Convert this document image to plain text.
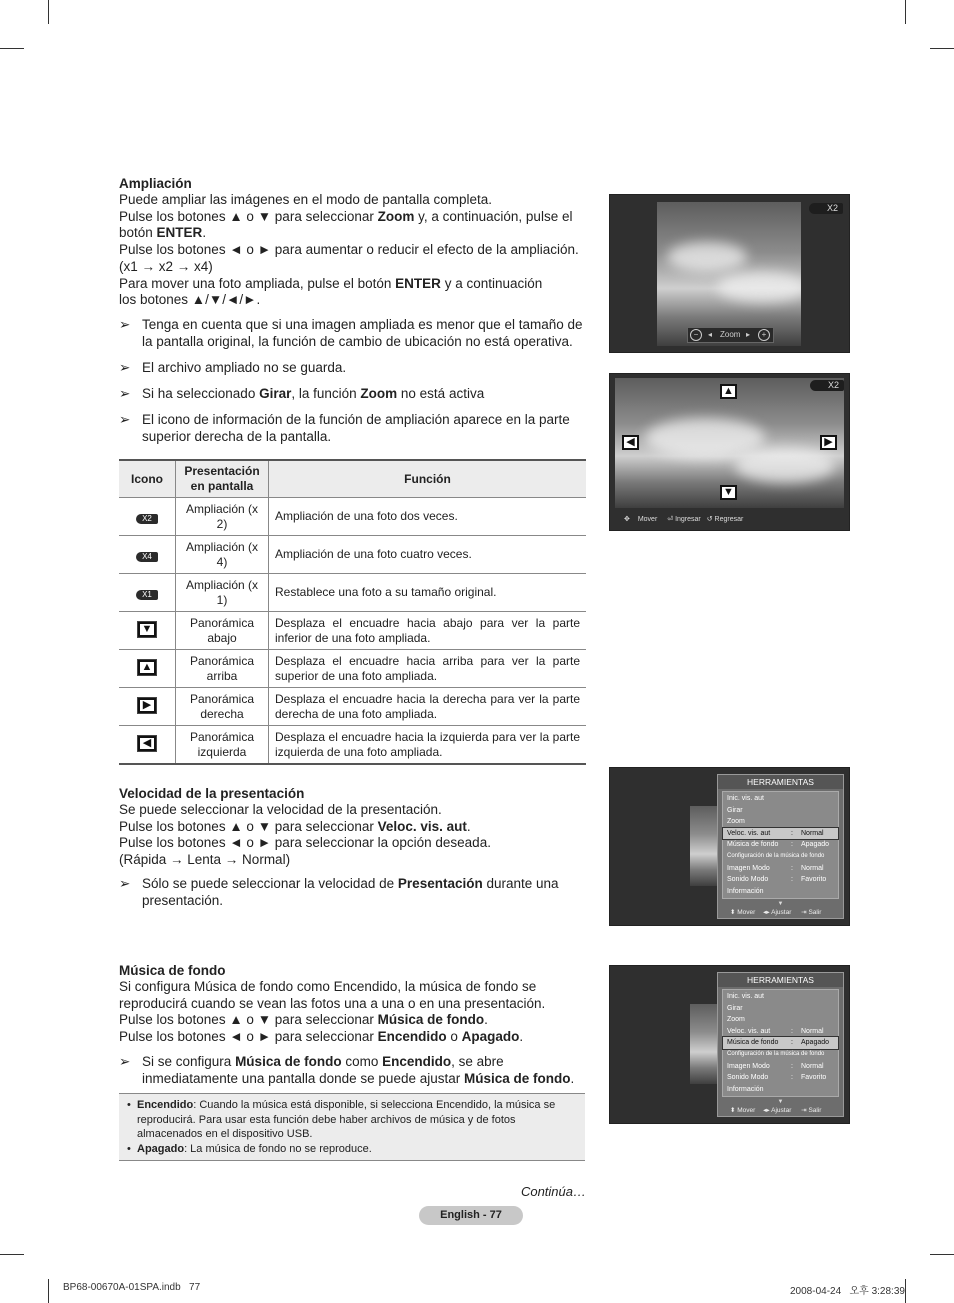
Ampliación

Puede ampliar las imágenes en el modo de pantalla completa.

Pulse los botones ▲ o ▼ para seleccionar Zoom y, a continuación, pulse el

botón ENTER.

Pulse los botones ◄ o ► para aumentar o reducir el efecto de la ampliación.

(x1 → x2 → x4)

Para mover una foto ampliada, pulse el botón ENTER y a continuación

los botones ▲/▼/◄/►.

➢ Tenga en cuenta que si una imagen ampliada es menor que el tamaño de la pantalla original, la función de cambio de ubicación no está operativa.
➢ El archivo ampliado no se guarda.
➢ Si ha seleccionado Girar, la función Zoom no está activa
➢ El icono de información de la función de ampliación aparece en la parte superior derecha de la pantalla.
Icono	Presentación en pantalla	Función
X2	Ampliación (x 2)	Ampliación de una foto dos veces.
X4	Ampliación (x 4)	Ampliación de una foto cuatro veces.
X1	Ampliación (x 1)	Restablece una foto a su tamaño original.

▼	Panorámica abajo	Desplaza el encuadre hacia abajo para ver la parte inferior de una foto ampliada.

▲	Panorámica arriba	Desplaza el encuadre hacia arriba para ver la parte superior de una foto ampliada.

▶	Panorámica derecha	Desplaza el encuadre hacia la derecha para ver la parte derecha de una foto ampliada.

◀	Panorámica izquierda	Desplaza el encuadre hacia la izquierda para ver la parte izquierda de una foto ampliada.
X2
−	◂ Zoom ▸	+
X2
▲
◀	▶
▼
✥ Mover ⏎ Ingresar ↺ Regresar
Velocidad de la presentación

Se puede seleccionar la velocidad de la presentación.

Pulse los botones ▲ o ▼ para seleccionar Veloc. vis. aut.

Pulse los botones ◄ o ► para seleccionar la opción deseada.

(Rápida → Lenta → Normal)

➢ Sólo se puede seleccionar la velocidad de Presentación durante una presentación.
HERRAMIENTAS
Inic. vis. aut
Girar
Zoom
Veloc. vis. aut	: Normal
Música de fondo : Apagado
Configuración de la música de fondo
Imagen Modo	: Normal
Sonido Modo	: Favorito
Información
▼
⬍ Mover ◂▸ Ajustar ⇥ Salir
Música de fondo

Si configura Música de fondo como Encendido, la música de fondo se reproducirá cuando se vean las fotos una a una o en una presentación.

Pulse los botones ▲ o ▼ para seleccionar Música de fondo.

Pulse los botones ◄ o ► para seleccionar Encendido o Apagado.

➢ Si se configura Música de fondo como Encendido, se abre inmediatamente una pantalla donde se puede ajustar Música de fondo.
• Encendido: Cuando la música está disponible, si selecciona Encendido, la música se reproducirá. Para usar esta función debe haber archivos de música y de fotos almacenados en el dispositivo USB.
• Apagado: La música de fondo no se reproduce.
HERRAMIENTAS
Inic. vis. aut
Girar
Zoom
Veloc. vis. aut	: Normal
Música de fondo : Apagado
Configuración de la música de fondo
Imagen Modo	: Normal
Sonido Modo	: Favorito
Información
▼
⬍ Mover ◂▸ Ajustar ⇥ Salir
Continúa…
English - 77
BP68-00670A-01SPA.indb   77	2008-04-24   오후 3:28:39
